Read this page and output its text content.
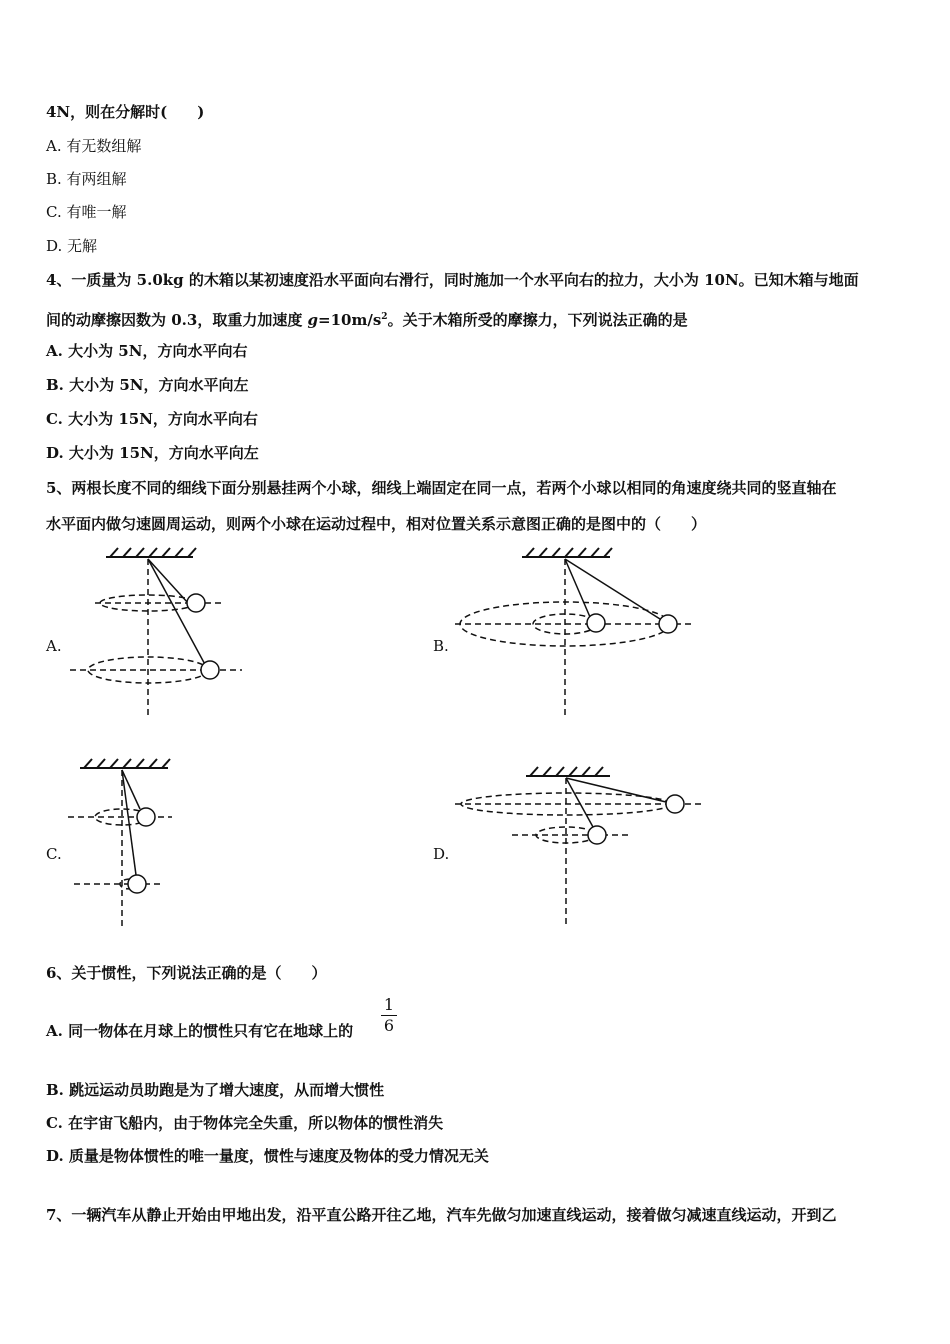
4N，则在分解时(　　)
A. 有无数组解
B. 有两组解
C. 有唯一解
D. 无解
4、一质量为 5.0kg 的木箱以某初速度沿水平面向右滑行，同时施加一个水平向右的拉力，大小为 10N。已知木箱与地面
间的动摩擦因数为 0.3，取重力加速度 $g=10m/s^2$。关于木箱所受的摩擦力，下列说法正确的是
A. 大小为 5N，方向水平向右
B. 大小为 5N，方向水平向左
C. 大小为 15N，方向水平向右
D. 大小为 15N，方向水平向左
5、两根长度不同的细线下面分别悬挂两个小球，细线上端固定在同一点，若两个小球以相同的角速度绕共同的竖直轴在
水平面内做匀速圆周运动，则两个小球在运动过程中，相对位置关系示意图正确的是图中的（　　）
A.	B.
C.	D.
6、关于惯性，下列说法正确的是（　　）
A. 同一物体在月球上的惯性只有它在地球上的
1
6
B. 跳远运动员助跑是为了增大速度，从而增大惯性
C. 在宇宙飞船内，由于物体完全失重，所以物体的惯性消失
D. 质量是物体惯性的唯一量度，惯性与速度及物体的受力情况无关
7、一辆汽车从静止开始由甲地出发，沿平直公路开往乙地，汽车先做匀加速直线运动，接着做匀减速直线运动，开到乙
